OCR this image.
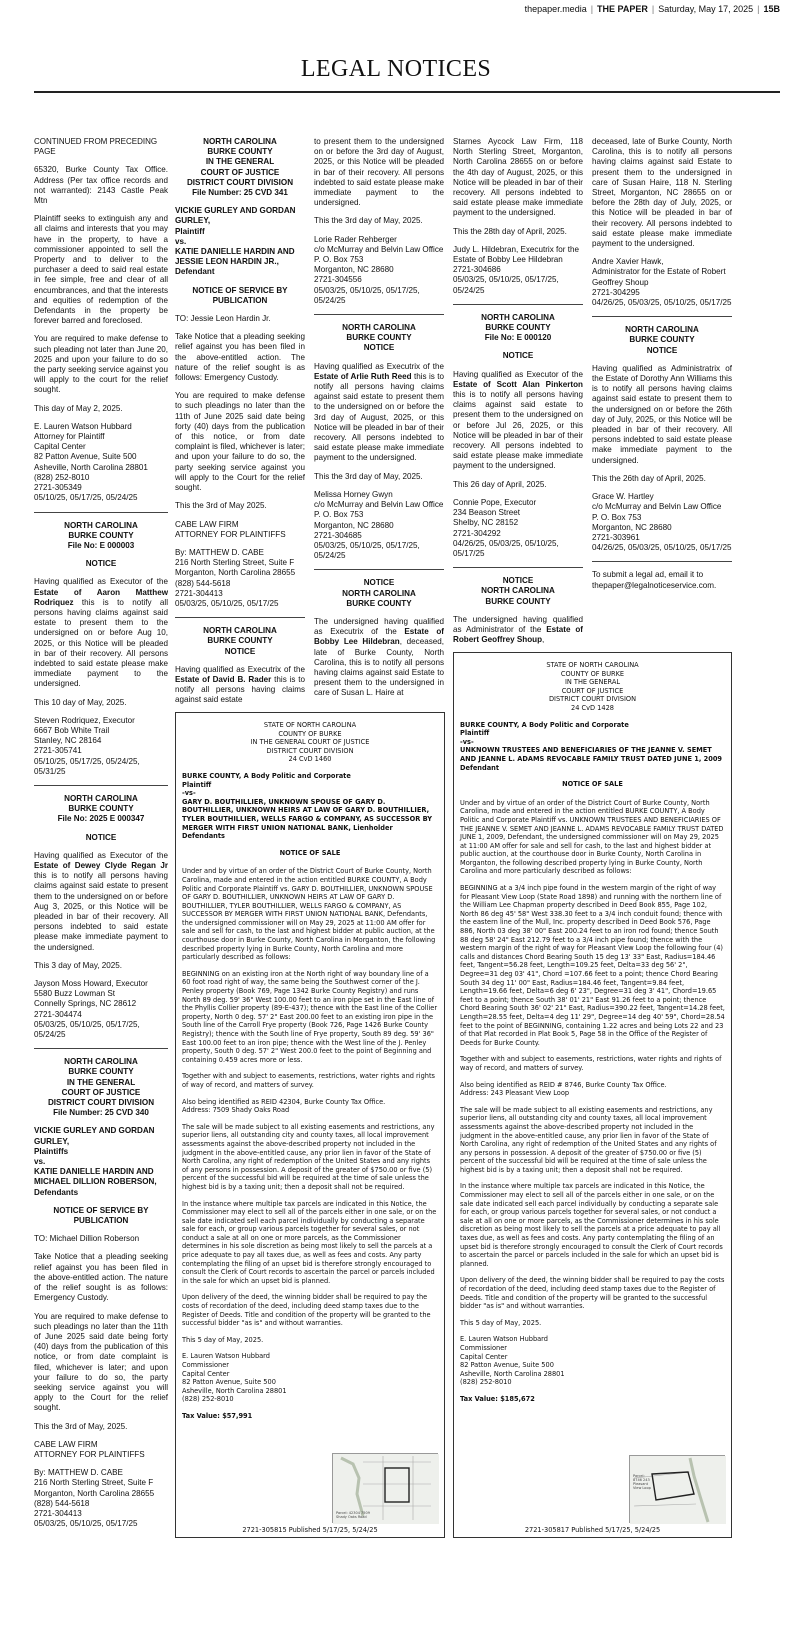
thepaper.media | THE PAPER | Saturday, May 17, 2025 | 15B
LEGAL NOTICES

CONTINUED FROM PRECEDING PAGE

65320, Burke County Tax Office. Address (Per tax office records and not warranted): 2143 Castle Peak Mtn

Plaintiff seeks to extinguish any and all claims and interests that you may have in the property, to have a commissioner appointed to sell the Property and to deliver to the purchaser a deed to said real estate in fee simple, free and clear of all encumbrances, and that the interests and equities of redemption of the Defendants in the property be forever barred and foreclosed.

You are required to make defense to such pleading not later than June 20, 2025 and upon your failure to do so the party seeking service against you will apply to the court for the relief sought.

This day of May 2, 2025.

E. Lauren Watson Hubbard
Attorney for Plaintiff
Capital Center
82 Patton Avenue, Suite 500
Asheville, North Carolina 28801
(828) 252-8010
2721-305349
05/10/25, 05/17/25, 05/24/25
NORTH CAROLINA
BURKE COUNTY
File No: E 000003
NOTICE

Having qualified as Executor of the Estate of Aaron Matthew Rodriquez this is to notify all persons having claims against said estate to present them to the undersigned on or before Aug 10, 2025, or this Notice will be pleaded in bar of their recovery. All persons indebted to said estate please make immediate payment to the undersigned.

This 10 day of May, 2025.

Steven Rodriquez, Executor
6667 Bob White Trail
Stanley, NC 28164
2721-305741
05/10/25, 05/17/25, 05/24/25, 05/31/25
NORTH CAROLINA
BURKE COUNTY
File No: 2025 E 000347
NOTICE

Having qualified as Executor of the Estate of Dewey Clyde Regan Jr this is to notify all persons having claims against said estate to present them to the undersigned on or before Aug 3, 2025, or this Notice will be pleaded in bar of their recovery. All persons indebted to said estate please make immediate payment to the undersigned.

This 3 day of May, 2025.

Jayson Moss Howard, Executor
5580 Buzz Lowman St
Connelly Springs, NC 28612
2721-304474
05/03/25, 05/10/25, 05/17/25, 05/24/25
NORTH CAROLINA
BURKE COUNTY
IN THE GENERAL
COURT OF JUSTICE
DISTRICT COURT DIVISION
File Number: 25 CVD 340
VICKIE GURLEY AND GORDAN GURLEY,
Plaintiffs
vs.
KATIE DANIELLE HARDIN AND MICHAEL DILLION ROBERSON,
Defendants
NOTICE OF SERVICE BY
PUBLICATION

TO: Michael Dillion Roberson

Take Notice that a pleading seeking relief against you has been filed in the above-entitled action. The nature of the relief sought is as follows: Emergency Custody.

You are required to make defense to such pleadings no later than the 11th of June 2025 said date being forty (40) days from the publication of this notice, or from date complaint is filed, whichever is later; and upon your failure to do so, the party seeking service against you will apply to the Court for the relief sought.

This the 3rd of May, 2025.

CABE LAW FIRM
ATTORNEY FOR PLAINTIFFS
By: MATTHEW D. CABE
216 North Sterling Street, Suite F
Morganton, North Carolina 28655
(828) 544-5618
2721-304413
05/03/25, 05/10/25, 05/17/25
NORTH CAROLINA
BURKE COUNTY
IN THE GENERAL
COURT OF JUSTICE
DISTRICT COURT DIVISION
File Number: 25 CVD 341
VICKIE GURLEY AND GORDAN GURLEY,
Plaintiff
vs.
KATIE DANIELLE HARDIN AND JESSIE LEON HARDIN JR.,
Defendant
NOTICE OF SERVICE BY
PUBLICATION

TO: Jessie Leon Hardin Jr.

Take Notice that a pleading seeking relief against you has been filed in the above-entitled action. The nature of the relief sought is as follows: Emergency Custody.

You are required to make defense to such pleadings no later than the 11th of June 2025 said date being forty (40) days from the publication of this notice, or from date complaint is filed, whichever is later; and upon your failure to do so, the party seeking service against you will apply to the Court for the relief sought.

This the 3rd of May 2025.

CABE LAW FIRM
ATTORNEY FOR PLAINTIFFS
By: MATTHEW D. CABE
216 North Sterling Street, Suite F
Morganton, North Carolina 28655
(828) 544-5618
2721-304413
05/03/25, 05/10/25, 05/17/25
NORTH CAROLINA
BURKE COUNTY
NOTICE

Having qualified as Executrix of the Estate of David B. Rader this is to notify all persons having claims against said estate

to present them to the undersigned on or before the 3rd day of August, 2025, or this Notice will be pleaded in bar of their recovery. All persons indebted to said estate please make immediate payment to the undersigned.

This the 3rd day of May, 2025.

Lorie Rader Rehberger
c/o McMurray and Belvin Law Office
P. O. Box 753
Morganton, NC 28680
2721-304556
05/03/25, 05/10/25, 05/17/25, 05/24/25
NORTH CAROLINA
BURKE COUNTY
NOTICE

Having qualified as Executrix of the Estate of Arlie Ruth Reed this is to notify all persons having claims against said estate to present them to the undersigned on or before the 3rd day of August, 2025, or this Notice will be pleaded in bar of their recovery. All persons indebted to said estate please make immediate payment to the undersigned.

This the 3rd day of May, 2025.

Melissa Horney Gwyn
c/o McMurray and Belvin Law Office
P. O. Box 753
Morganton, NC 28680
2721-304685
05/03/25, 05/10/25, 05/17/25, 05/24/25
NOTICE
NORTH CAROLINA
BURKE COUNTY

The undersigned having qualified as Executrix of the Estate of Bobby Lee Hildebran, deceased, late of Burke County, North Carolina, this is to notify all persons having claims against said Estate to present them to the undersigned in care of Susan L. Haire at

Starnes Aycock Law Firm, 118 North Sterling Street, Morganton, North Carolina 28655 on or before the 4th day of August, 2025, or this Notice will be pleaded in bar of their recovery. All persons indebted to said estate please make immediate payment to the undersigned.

This the 28th day of April, 2025.

Judy L. Hildebran, Executrix for the Estate of Bobby Lee Hildebran
2721-304686
05/03/25, 05/10/25, 05/17/25, 05/24/25
NORTH CAROLINA
BURKE COUNTY
File No: E 000120
NOTICE

Having qualified as Executor of the Estate of Scott Alan Pinkerton this is to notify all persons having claims against said estate to present them to the undersigned on or before Jul 26, 2025, or this Notice will be pleaded in bar of their recovery. All persons indebted to said estate please make immediate payment to the undersigned.

This 26 day of April, 2025.

Connie Pope, Executor
234 Beason Street
Shelby, NC 28152
2721-304292
04/26/25, 05/03/25, 05/10/25, 05/17/25
NOTICE
NORTH CAROLINA
BURKE COUNTY

The undersigned having qualified as Administrator of the Estate of Robert Geoffrey Shoup,

deceased, late of Burke County, North Carolina, this is to notify all persons having claims against said Estate to present them to the undersigned in care of Susan Haire, 118 N. Sterling Street, Morganton, NC 28655 on or before the 28th day of July, 2025, or this Notice will be pleaded in bar of their recovery. All persons indebted to said estate please make immediate payment to the undersigned.

Andre Xavier Hawk,
Administrator for the Estate of Robert Geoffrey Shoup
2721-304295
04/26/25, 05/03/25, 05/10/25, 05/17/25
NORTH CAROLINA
BURKE COUNTY
NOTICE

Having qualified as Administratrix of the Estate of Dorothy Ann Williams this is to notify all persons having claims against said estate to present them to the undersigned on or before the 26th day of July, 2025, or this Notice will be pleaded in bar of their recovery. All persons indebted to said estate please make immediate payment to the undersigned.

This the 26th day of April, 2025.

Grace W. Hartley
c/o McMurray and Belvin Law Office
P. O. Box 753
Morganton, NC 28680
2721-303961
04/26/25, 05/03/25, 05/10/25, 05/17/25

To submit a legal ad, email it to thepaper@legalnoticeservice.com.

STATE OF NORTH CAROLINA
COUNTY OF BURKE
IN THE GENERAL COURT OF JUSTICE
DISTRICT COURT DIVISION
24 CvD 1460
BURKE COUNTY, A Body Politic and Corporate
Plaintiff
-vs-
GARY D. BOUTHILLIER, UNKNOWN SPOUSE OF GARY D. BOUTHILLIER, UNKNOWN HEIRS AT LAW OF GARY D. BOUTHILLIER, TYLER BOUTHILLIER, WELLS FARGO & COMPANY, AS SUCCESSOR BY MERGER WITH FIRST UNION NATIONAL BANK, Lienholder
Defendants
NOTICE OF SALE

Under and by virtue of an order of the District Court of Burke County, North Carolina, made and entered in the action entitled BURKE COUNTY, A Body Politic and Corporate Plaintiff vs. GARY D. BOUTHILLIER, UNKNOWN SPOUSE OF GARY D. BOUTHILLIER, UNKNOWN HEIRS AT LAW OF GARY D. BOUTHILLIER, TYLER BOUTHILLIER, WELLS FARGO & COMPANY, AS SUCCESSOR BY MERGER WITH FIRST UNION NATIONAL BANK, Defendants, the undersigned commissioner will on May 29, 2025 at 11:00 AM offer for sale and sell for cash, to the last and highest bidder at public auction, at the courthouse door in Burke County, North Carolina in Morganton, the following described property lying in Burke County, North Carolina and more particularly described as follows:

BEGINNING on an existing iron at the North right of way boundary line of a 60 foot road right of way, the same being the Southwest corner of the J. Penley property (Book 769, Page 1342 Burke County Registry) and runs North 89 deg. 59' 36" West 100.00 feet to an iron pipe set in the East line of the Phyllis Collier property (89-E-437); thence with the East line of the Collier property, North 0 deg. 57' 2" East 200.00 feet to an existing iron pipe in the South line of the Carroll Frye property (Book 726, Page 1426 Burke County Registry); thence with the South line of Frye property, South 89 deg. 59' 36" East 100.00 feet to an iron pipe; thence with the West line of the J. Penley property, South 0 deg. 57' 2" West 200.0 feet to the point of Beginning and containing 0.459 acres more or less.

Together with and subject to easements, restrictions, water rights and rights of way of record, and matters of survey.

Also being identified as REID 42304, Burke County Tax Office.
Address: 7509 Shady Oaks Road

The sale will be made subject to all existing easements and restrictions, any superior liens, all outstanding city and county taxes, all local improvement assessments against the above-described property not included in the judgment in the above-entitled cause, any prior lien in favor of the State of North Carolina, any right of redemption of the United States and any rights of any persons in possession. A deposit of the greater of $750.00 or five (5) percent of the successful bid will be required at the time of sale unless the highest bid is by a taxing unit; then a deposit shall not be required.

In the instance where multiple tax parcels are indicated in this Notice, the Commissioner may elect to sell all of the parcels either in one sale, or on the sale date indicated sell each parcel individually by conducting a separate sale for each, or group various parcels together for several sales, or not conduct a sale at all on one or more parcels, as the Commissioner determines in his sole discretion as being most likely to sell the parcels at a price adequate to pay all taxes due, as well as fees and costs. Any party contemplating the filing of an upset bid is therefore strongly encouraged to consult the Clerk of Court records to ascertain the parcel or parcels included in the sale for which an upset bid is planned.

Upon delivery of the deed, the winning bidder shall be required to pay the costs of recordation of the deed, including deed stamp taxes due to the Register of Deeds. Title and condition of the property will be granted to the successful bidder "as is" and without warranties.

This 5 day of May, 2025.

E. Lauren Watson Hubbard
Commissioner
Capital Center
82 Patton Avenue, Suite 500
Asheville, North Carolina 28801
(828) 252-8010

Tax Value: $57,991

Parcel: 42304 7509 Shady Oaks Road
2721-305815 Published 5/17/25, 5/24/25
STATE OF NORTH CAROLINA
COUNTY OF BURKE
IN THE GENERAL
COURT OF JUSTICE
DISTRICT COURT DIVISION
24 CvD 1428
BURKE COUNTY, A Body Politic and Corporate
Plaintiff
-vs-
UNKNOWN TRUSTEES AND BENEFICIARIES OF THE JEANNE V. SEMET AND JEANNE L. ADAMS REVOCABLE FAMILY TRUST DATED JUNE 1, 2009
Defendant
NOTICE OF SALE

Under and by virtue of an order of the District Court of Burke County, North Carolina, made and entered in the action entitled BURKE COUNTY, A Body Politic and Corporate Plaintiff vs. UNKNOWN TRUSTEES AND BENEFICIARIES OF THE JEANNE V. SEMET AND JEANNE L. ADAMS REVOCABLE FAMILY TRUST DATED JUNE 1, 2009, Defendant, the undersigned commissioner will on May 29, 2025 at 11:00 AM offer for sale and sell for cash, to the last and highest bidder at public auction, at the courthouse door in Burke County, North Carolina in Morganton, the following described property lying in Burke County, North Carolina and more particularly described as follows:

BEGINNING at a 3/4 inch pipe found in the western margin of the right of way for Pleasant View Loop (State Road 1898) and running with the northern line of the William Lee Chapman property described in Deed Book 855, Page 102, North 86 deg 45' 58" West 338.30 feet to a 3/4 inch conduit found; thence with the eastern line of the Mull, Inc. property described in Deed Book 576, Page 886, North 03 deg 38' 00" East 200.24 feet to an iron rod found; thence South 88 deg 58' 24" East 212.79 feet to a 3/4 inch pipe found; thence with the western margin of the right of way for Pleasant View Loop the following four (4) calls and distances Chord Bearing South 15 deg 13' 33" East, Radius=184.46 feet, Tangent=56.28 feet, Length=109.25 feet, Delta=33 deg 56' 2", Degree=31 deg 03' 41", Chord =107.66 feet to a point; thence Chord Bearing South 34 deg 11' 00" East, Radius=184.46 feet, Tangent=9.84 feet, Length=19.66 feet, Delta=6 deg 6' 23", Degree=31 deg 3' 41", Chord=19.65 feet to a point; thence South 38' 01' 21" East 91.26 feet to a point; thence Chord Bearing South 36' 02' 21" East, Radius=390.22 feet, Tangent=14.28 feet, Length=28.55 feet, Delta=4 deg 11' 29", Degree=14 deg 40' 59", Chord=28.54 feet to the point of BEGINNING, containing 1.22 acres and being Lots 22 and 23 of that Plat recorded in Plat Book 5, Page 58 in the Office of the Register of Deeds for Burke County.

Together with and subject to easements, restrictions, water rights and rights of way of record, and matters of survey.

Also being identified as REID # 8746, Burke County Tax Office.
Address: 243 Pleasant View Loop

The sale will be made subject to all existing easements and restrictions, any superior liens, all outstanding city and county taxes, all local improvement assessments against the above-described property not included in the judgment in the above-entitled cause, any prior lien in favor of the State of North Carolina, any right of redemption of the United States and any rights of any persons in possession. A deposit of the greater of $750.00 or five (5) percent of the successful bid will be required at the time of sale unless the highest bid is by a taxing unit; then a deposit shall not be required.

In the instance where multiple tax parcels are indicated in this Notice, the Commissioner may elect to sell all of the parcels either in one sale, or on the sale date indicated sell each parcel individually by conducting a separate sale for each, or group various parcels together for several sales, or not conduct a sale at all on one or more parcels, as the Commissioner determines in his sole discretion as being most likely to sell the parcels at a price adequate to pay all taxes due, as well as fees and costs. Any party contemplating the filing of an upset bid is therefore strongly encouraged to consult the Clerk of Court records to ascertain the parcel or parcels included in the sale for which an upset bid is planned.

Upon delivery of the deed, the winning bidder shall be required to pay the costs of recordation of the deed, including deed stamp taxes due to the Register of Deeds. Title and condition of the property will be granted to the successful bidder "as is" and without warranties.

This 5 day of May, 2025.

E. Lauren Watson Hubbard
Commissioner
Capital Center
82 Patton Avenue, Suite 500
Asheville, North Carolina 28801
(828) 252-8010

Tax Value: $185,672

Parcel: 8746 243 Pleasant View Loop
2721-305817 Published 5/17/25, 5/24/25
